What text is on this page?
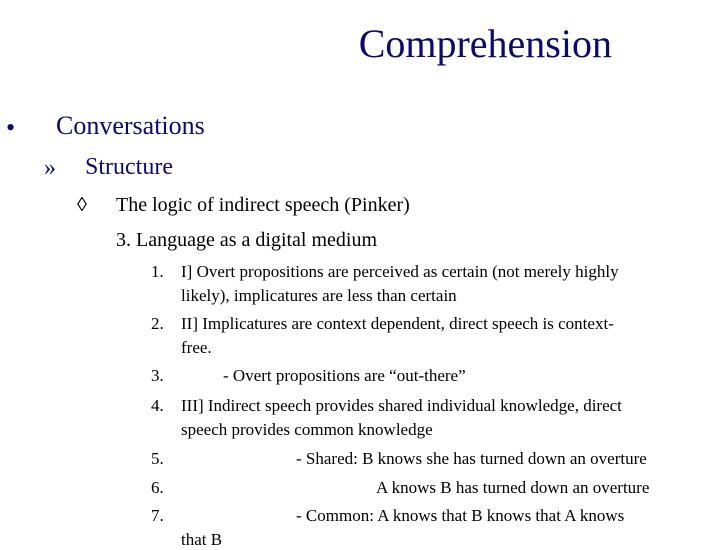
Comprehension
• Conversations
» Structure
◊ The logic of indirect speech (Pinker)
3. Language as a digital medium
1. I] Overt propositions are perceived as certain (not merely highly
likely), implicatures are less than certain
2. II] Implicatures are context dependent, direct speech is context-
free.
3.	- Overt propositions are “out-there”
4. III] Indirect speech provides shared individual knowledge, direct
speech provides common knowledge
5.	- Shared: B knows she has turned down an overture
6.	A knows B has turned down an overture
7.	- Common: A knows that B knows that A knows
that B
